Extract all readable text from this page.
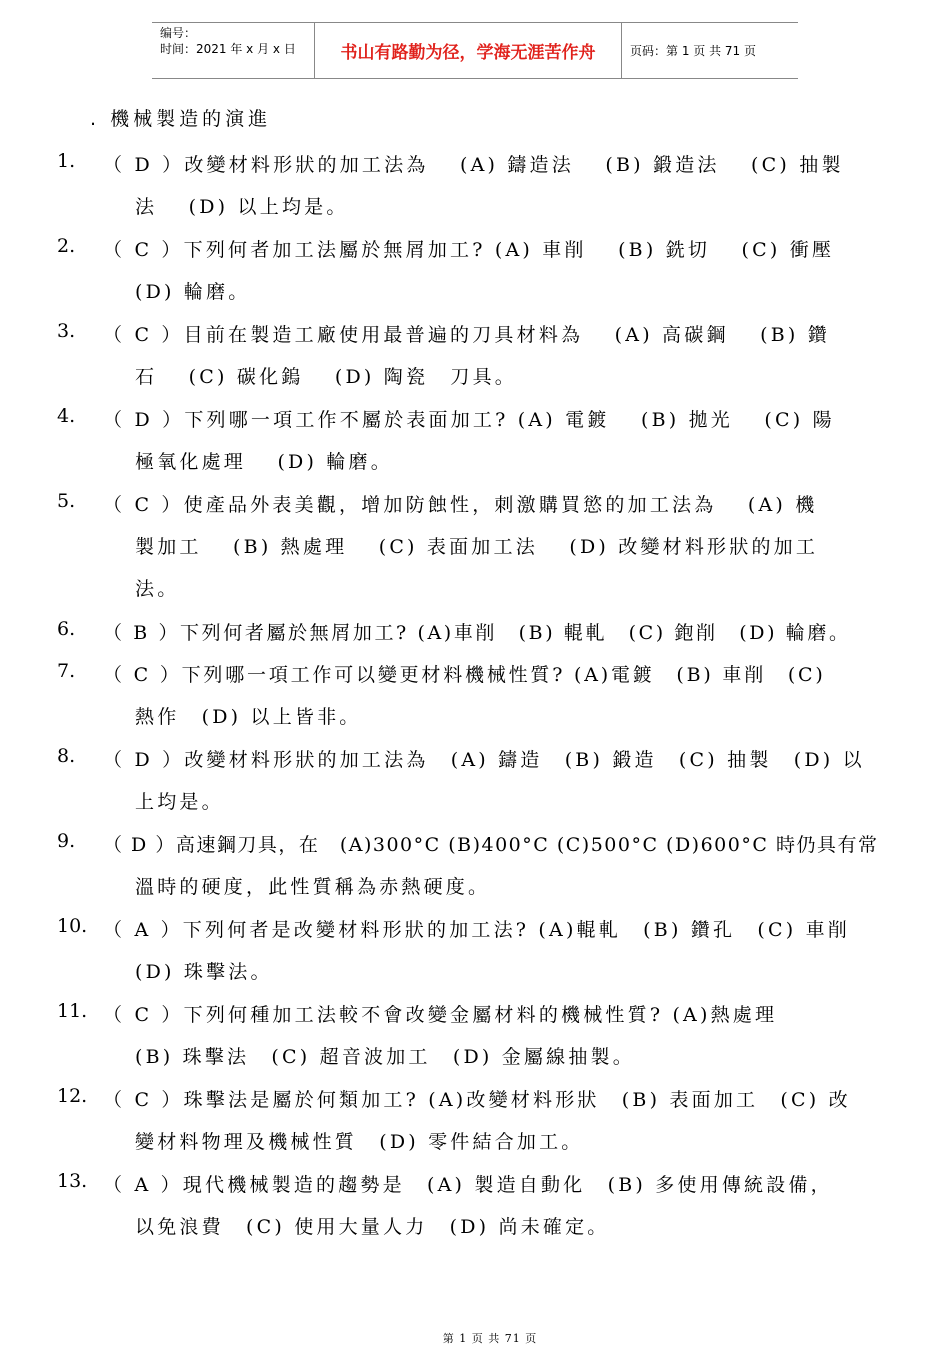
编号：
时间：2021 年 x 月 x 日	书山有路勤为径，学海无涯苦作舟	页码：第 1 页 共 71 页
. 機械製造的演進
1. （ D ）改變材料形狀的加工法為　 (A) 鑄造法　 (B) 鍛造法　 (C) 抽製
法　 (D) 以上均是。
2. （ C ）下列何者加工法屬於無屑加工? (A) 車削　 (B) 銑切　 (C) 衝壓
(D) 輪磨。
3. （ C ）目前在製造工廠使用最普遍的刀具材料為　 (A) 高碳鋼　 (B) 鑽
石　 (C) 碳化鎢　 (D) 陶瓷　刀具。
4. （ D ）下列哪一項工作不屬於表面加工? (A) 電鍍　 (B) 拋光　 (C) 陽
極氧化處理　 (D) 輪磨。
5. （ C ）使產品外表美觀，增加防蝕性，刺激購買慾的加工法為　 (A) 機
製加工　 (B) 熱處理　 (C) 表面加工法　 (D) 改變材料形狀的加工
法。
6. （ B ）下列何者屬於無屑加工? (A)車削　(B) 輥軋　(C) 鉋削　(D) 輪磨。
7. （ C ）下列哪一項工作可以變更材料機械性質? (A)電鍍　(B) 車削　(C)
熱作　(D) 以上皆非。
8. （ D ）改變材料形狀的加工法為　(A) 鑄造　(B) 鍛造　(C) 抽製　(D) 以
上均是。
9. （ D ）高速鋼刀具，在　(A)300°C (B)400°C (C)500°C (D)600°C 時仍具有常
溫時的硬度，此性質稱為赤熱硬度。
10. （ A ）下列何者是改變材料形狀的加工法? (A)輥軋　(B) 鑽孔　(C) 車削
(D) 珠擊法。
11. （ C ）下列何種加工法較不會改變金屬材料的機械性質? (A)熱處理
(B) 珠擊法　(C) 超音波加工　(D) 金屬線抽製。
12. （ C ）珠擊法是屬於何類加工? (A)改變材料形狀　(B) 表面加工　(C) 改
變材料物理及機械性質　(D) 零件結合加工。
13. （ A ）現代機械製造的趨勢是　(A) 製造自動化　(B) 多使用傳統設備，
以免浪費　(C) 使用大量人力　(D) 尚未確定。
第 1 页 共 71 页
